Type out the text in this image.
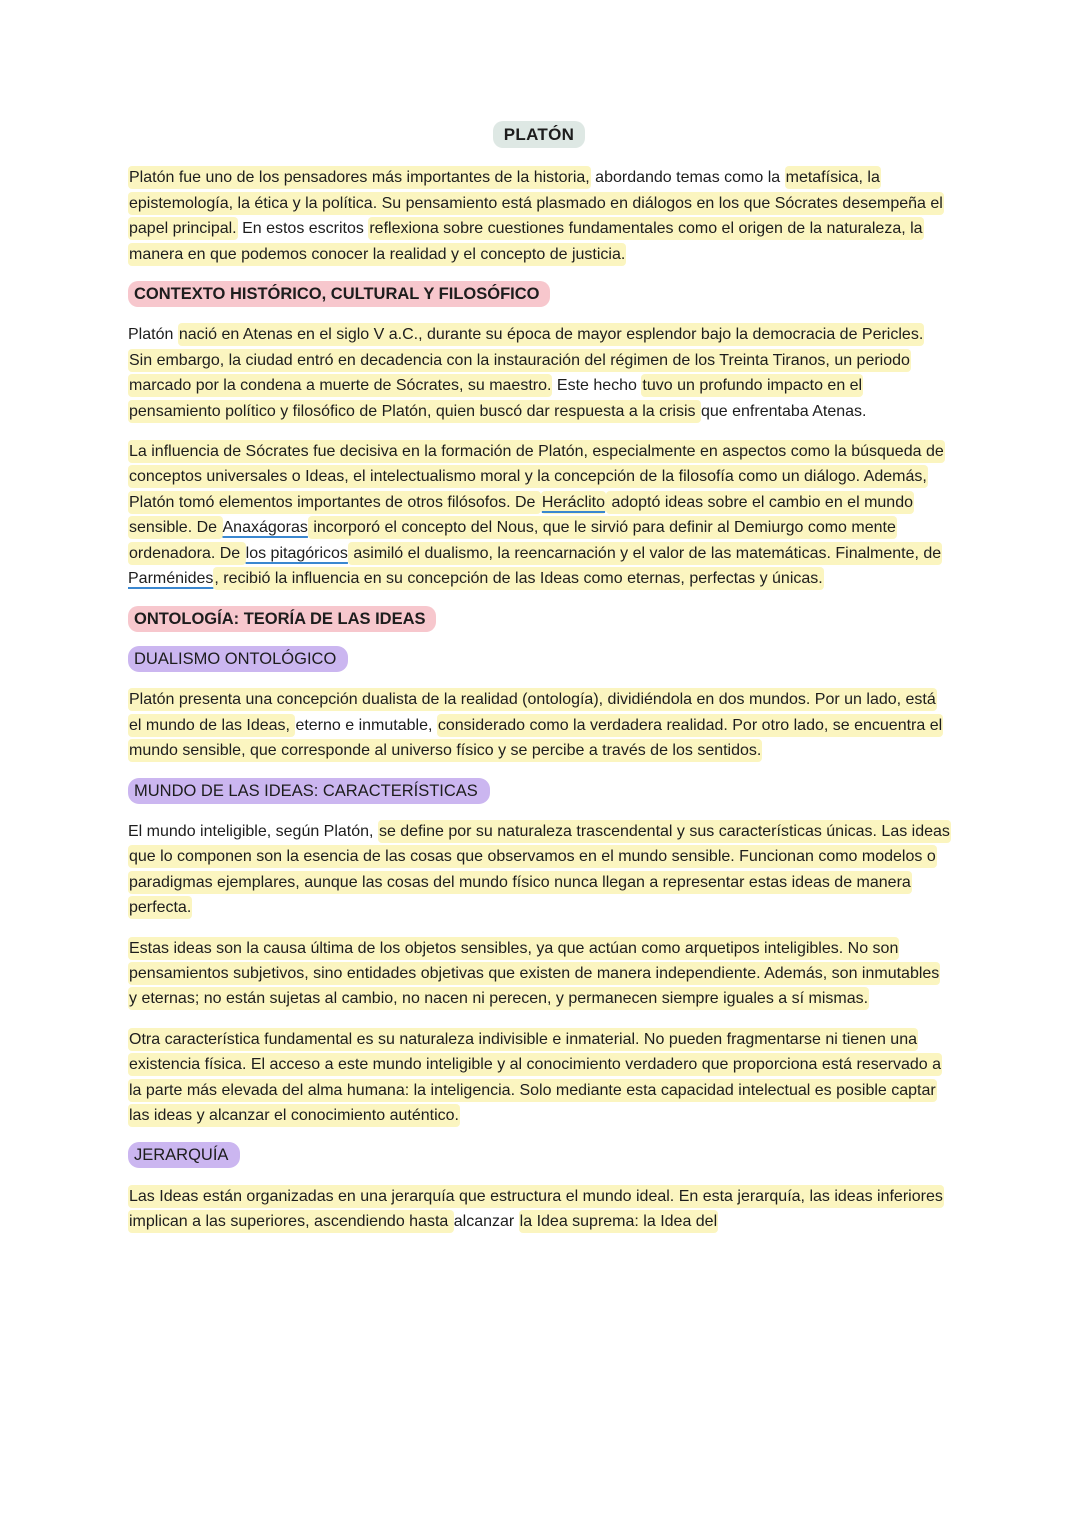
PLATÓN

Platón fue uno de los pensadores más importantes de la historia, abordando temas como la metafísica, la epistemología, la ética y la política. Su pensamiento está plasmado en diálogos en los que Sócrates desempeña el papel principal. En estos escritos reflexiona sobre cuestiones fundamentales como el origen de la naturaleza, la manera en que podemos conocer la realidad y el concepto de justicia.

CONTEXTO HISTÓRICO, CULTURAL Y FILOSÓFICO

Platón nació en Atenas en el siglo V a.C., durante su época de mayor esplendor bajo la democracia de Pericles. Sin embargo, la ciudad entró en decadencia con la instauración del régimen de los Treinta Tiranos, un periodo marcado por la condena a muerte de Sócrates, su maestro. Este hecho tuvo un profundo impacto en el pensamiento político y filosófico de Platón, quien buscó dar respuesta a la crisis que enfrentaba Atenas.

La influencia de Sócrates fue decisiva en la formación de Platón, especialmente en aspectos como la búsqueda de conceptos universales o Ideas, el intelectualismo moral y la concepción de la filosofía como un diálogo. Además, Platón tomó elementos importantes de otros filósofos. De Heráclito adoptó ideas sobre el cambio en el mundo sensible. De Anaxágoras incorporó el concepto del Nous, que le sirvió para definir al Demiurgo como mente ordenadora. De los pitagóricos asimiló el dualismo, la reencarnación y el valor de las matemáticas. Finalmente, de Parménides, recibió la influencia en su concepción de las Ideas como eternas, perfectas y únicas.

ONTOLOGÍA: TEORÍA DE LAS IDEAS
DUALISMO ONTOLÓGICO

Platón presenta una concepción dualista de la realidad (ontología), dividiéndola en dos mundos. Por un lado, está el mundo de las Ideas, eterno e inmutable, considerado como la verdadera realidad. Por otro lado, se encuentra el mundo sensible, que corresponde al universo físico y se percibe a través de los sentidos.

MUNDO DE LAS IDEAS: CARACTERÍSTICAS

El mundo inteligible, según Platón, se define por su naturaleza trascendental y sus características únicas. Las ideas que lo componen son la esencia de las cosas que observamos en el mundo sensible. Funcionan como modelos o paradigmas ejemplares, aunque las cosas del mundo físico nunca llegan a representar estas ideas de manera perfecta.

Estas ideas son la causa última de los objetos sensibles, ya que actúan como arquetipos inteligibles. No son pensamientos subjetivos, sino entidades objetivas que existen de manera independiente. Además, son inmutables y eternas; no están sujetas al cambio, no nacen ni perecen, y permanecen siempre iguales a sí mismas.

Otra característica fundamental es su naturaleza indivisible e inmaterial. No pueden fragmentarse ni tienen una existencia física. El acceso a este mundo inteligible y al conocimiento verdadero que proporciona está reservado a la parte más elevada del alma humana: la inteligencia. Solo mediante esta capacidad intelectual es posible captar las ideas y alcanzar el conocimiento auténtico.

JERARQUÍA

Las Ideas están organizadas en una jerarquía que estructura el mundo ideal. En esta jerarquía, las ideas inferiores implican a las superiores, ascendiendo hasta alcanzar la Idea suprema: la Idea del
